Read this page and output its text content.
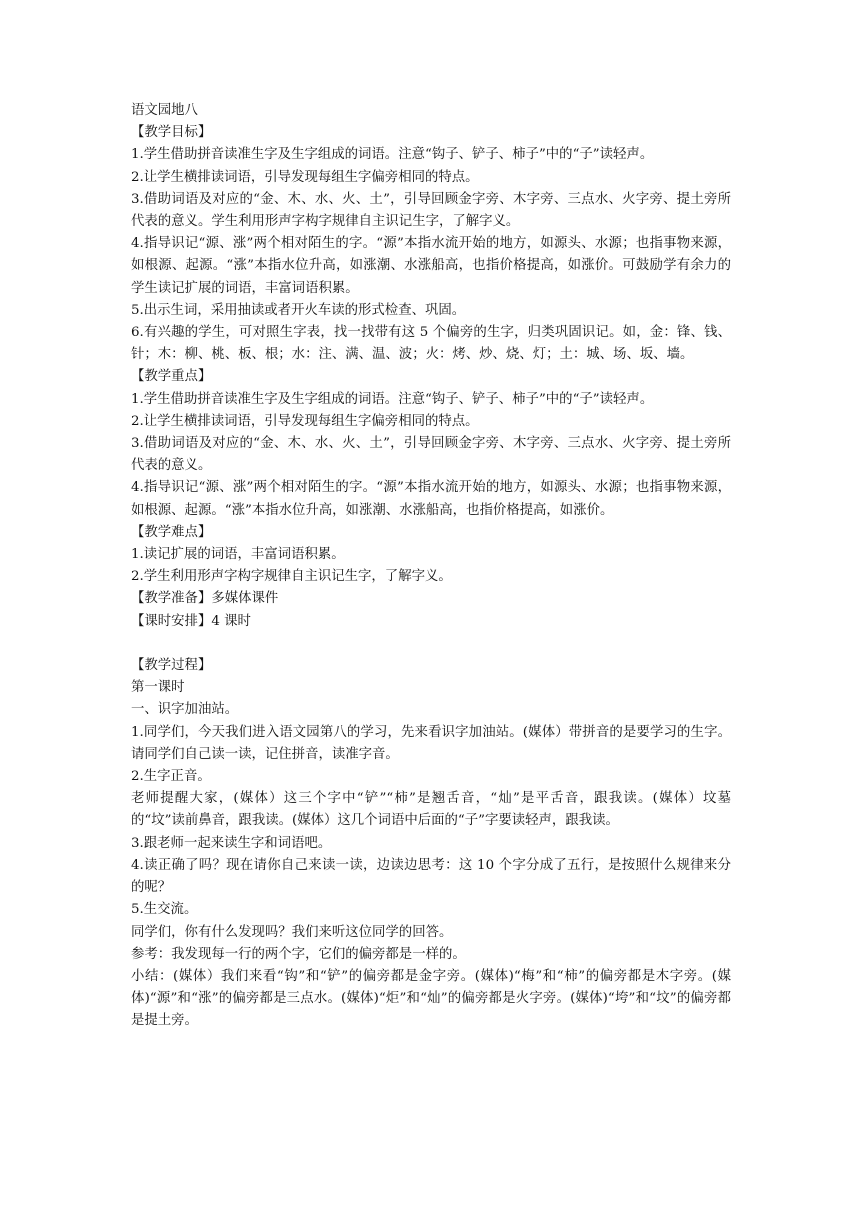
语文园地八

【教学目标】

1.学生借助拼音读准生字及生字组成的词语。注意“钩子、铲子、柿子”中的“子”读轻声。

2.让学生横排读词语，引导发现每组生字偏旁相同的特点。

3.借助词语及对应的“金、木、水、火、土”，引导回顾金字旁、木字旁、三点水、火字旁、提土旁所代表的意义。学生利用形声字构字规律自主识记生字，了解字义。

4.指导识记“源、涨”两个相对陌生的字。“源”本指水流开始的地方，如源头、水源；也指事物来源，如根源、起源。“涨”本指水位升高，如涨潮、水涨船高，也指价格提高，如涨价。可鼓励学有余力的学生读记扩展的词语，丰富词语积累。

5.出示生词，采用抽读或者开火车读的形式检查、巩固。

6.有兴趣的学生，可对照生字表，找一找带有这 5 个偏旁的生字，归类巩固识记。如，金：锋、钱、针；木：柳、桃、板、根；水：注、满、温、波；火：烤、炒、烧、灯；土：城、场、坂、墙。

【教学重点】

1.学生借助拼音读准生字及生字组成的词语。注意“钩子、铲子、柿子”中的“子”读轻声。

2.让学生横排读词语，引导发现每组生字偏旁相同的特点。

3.借助词语及对应的“金、木、水、火、土”，引导回顾金字旁、木字旁、三点水、火字旁、提土旁所代表的意义。

4.指导识记“源、涨”两个相对陌生的字。“源”本指水流开始的地方，如源头、水源；也指事物来源，如根源、起源。“涨”本指水位升高，如涨潮、水涨船高，也指价格提高，如涨价。

【教学难点】

1.读记扩展的词语，丰富词语积累。

2.学生利用形声字构字规律自主识记生字，了解字义。

【教学准备】多媒体课件

【课时安排】4 课时

【教学过程】

第一课时

一、识字加油站。

1.同学们，今天我们进入语文园第八的学习，先来看识字加油站。(媒体）带拼音的是要学习的生字。请同学们自己读一读，记住拼音，读准字音。

2.生字正音。

老师提醒大家，(媒体）这三个字中“铲”“柿”是翘舌音，“灿”是平舌音，跟我读。(媒体）坟墓的“坟”读前鼻音，跟我读。(媒体）这几个词语中后面的“子”字要读轻声，跟我读。

3.跟老师一起来读生字和词语吧。

4.读正确了吗？现在请你自己来读一读，边读边思考：这 10 个字分成了五行，是按照什么规律来分的呢？

5.生交流。

同学们，你有什么发现吗？我们来听这位同学的回答。

参考：我发现每一行的两个字，它们的偏旁都是一样的。

小结：(媒体）我们来看“钩”和“铲”的偏旁都是金字旁。(媒体)“梅”和“柿”的偏旁都是木字旁。(媒体)“源”和“涨”的偏旁都是三点水。(媒体)“炬”和“灿”的偏旁都是火字旁。(媒体)“垮”和“坟”的偏旁都是提土旁。
